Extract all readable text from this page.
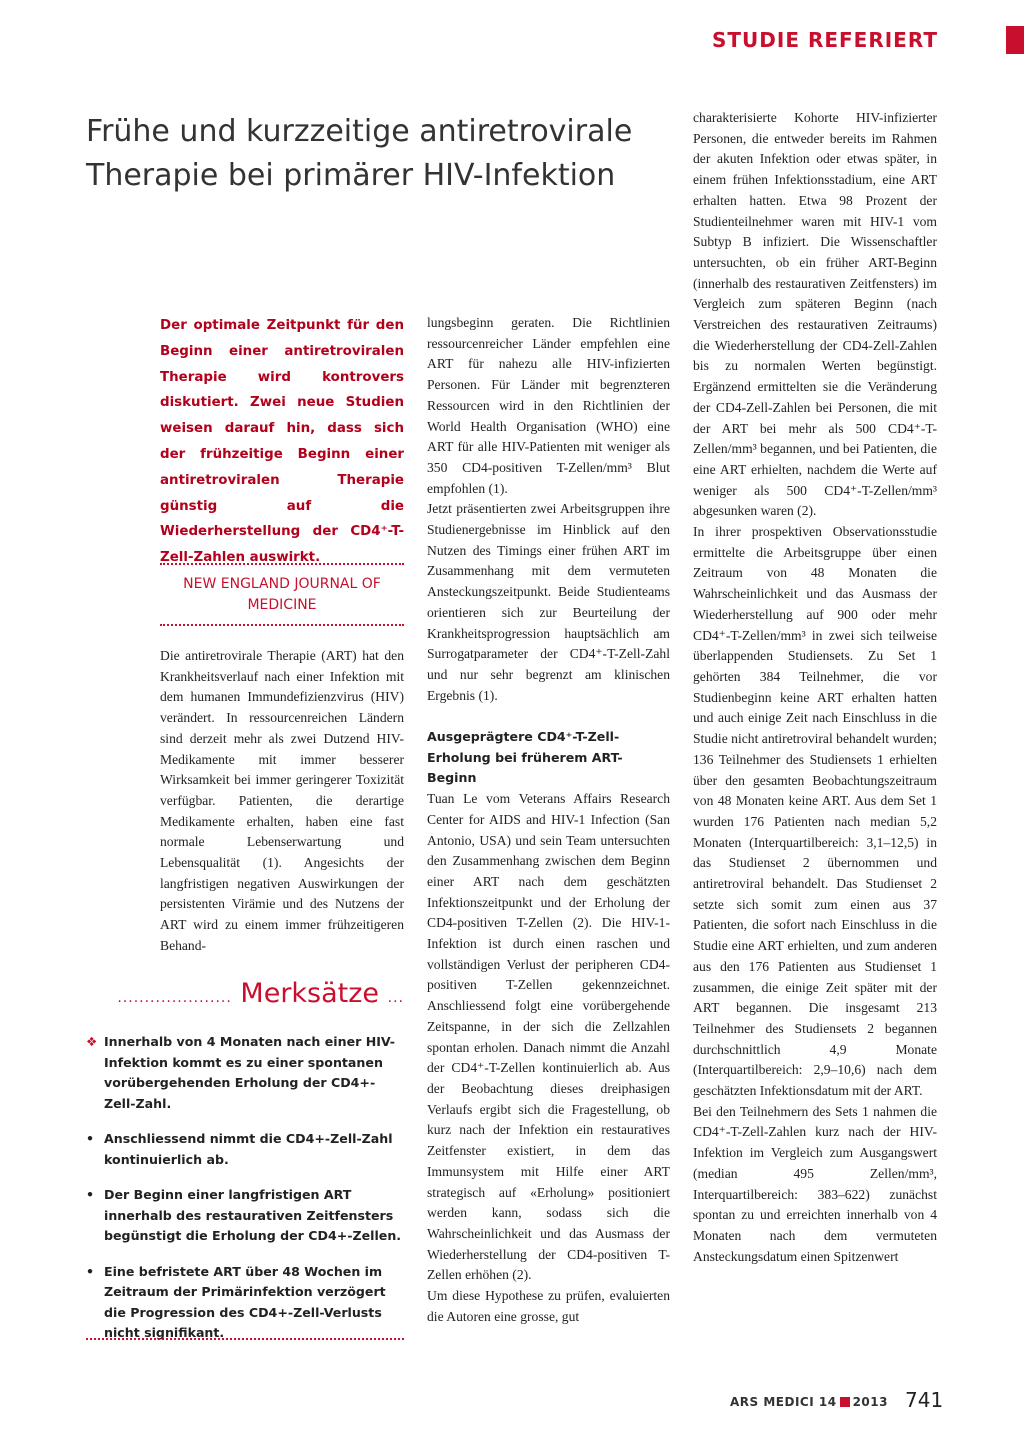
STUDIE REFERIERT
Frühe und kurzzeitige antiretrovirale Therapie bei primärer HIV-Infektion

Der optimale Zeitpunkt für den Beginn einer antiretroviralen Therapie wird kontrovers diskutiert. Zwei neue Studien weisen darauf hin, dass sich der frühzeitige Beginn einer antiretroviralen Therapie günstig auf die Wiederherstellung der CD4⁺-T-Zell-Zahlen auswirkt.

NEW ENGLAND JOURNAL OF MEDICINE

Die antiretrovirale Therapie (ART) hat den Krankheitsverlauf nach einer Infektion mit dem humanen Immundefizienzvirus (HIV) verändert. In ressourcenreichen Ländern sind derzeit mehr als zwei Dutzend HIV-Medikamente mit immer besserer Wirksamkeit bei immer geringerer Toxizität verfügbar. Patienten, die derartige Medikamente erhalten, haben eine fast normale Lebenserwartung und Lebensqualität (1). Angesichts der langfristigen negativen Auswirkungen der persistenten Virämie und des Nutzens der ART wird zu einem immer frühzeitigeren Behand-

lungsbeginn geraten. Die Richtlinien ressourcenreicher Länder empfehlen eine ART für nahezu alle HIV-infizierten Personen. Für Länder mit begrenzteren Ressourcen wird in den Richtlinien der World Health Organisation (WHO) eine ART für alle HIV-Patienten mit weniger als 350 CD4-positiven T-Zellen/mm³ Blut empfohlen (1).

Jetzt präsentierten zwei Arbeitsgruppen ihre Studienergebnisse im Hinblick auf den Nutzen des Timings einer frühen ART im Zusammenhang mit dem vermuteten Ansteckungszeitpunkt. Beide Studienteams orientieren sich zur Beurteilung der Krankheitsprogression hauptsächlich am Surrogatparameter der CD4⁺-T-Zell-Zahl und nur sehr begrenzt am klinischen Ergebnis (1).

Ausgeprägtere CD4⁺-T-Zell-Erholung bei früherem ART-Beginn

Tuan Le vom Veterans Affairs Research Center for AIDS and HIV-1 Infection (San Antonio, USA) und sein Team untersuchten den Zusammenhang zwischen dem Beginn einer ART nach dem geschätzten Infektionszeitpunkt und der Erholung der CD4-positiven T-Zellen (2). Die HIV-1-Infektion ist durch einen raschen und vollständigen Verlust der peripheren CD4-positiven T-Zellen gekennzeichnet. Anschliessend folgt eine vorübergehende Zeitspanne, in der sich die Zellzahlen spontan erholen. Danach nimmt die Anzahl der CD4⁺-T-Zellen kontinuierlich ab. Aus der Beobachtung dieses dreiphasigen Verlaufs ergibt sich die Fragestellung, ob kurz nach der Infektion ein restauratives Zeitfenster existiert, in dem das Immunsystem mit Hilfe einer ART strategisch auf «Erholung» positioniert werden kann, sodass sich die Wahrscheinlichkeit und das Ausmass der Wiederherstellung der CD4-positiven T-Zellen erhöhen (2).

Um diese Hypothese zu prüfen, evaluierten die Autoren eine grosse, gut

charakterisierte Kohorte HIV-infizierter Personen, die entweder bereits im Rahmen der akuten Infektion oder etwas später, in einem frühen Infektionsstadium, eine ART erhalten hatten. Etwa 98 Prozent der Studienteilnehmer waren mit HIV-1 vom Subtyp B infiziert. Die Wissenschaftler untersuchten, ob ein früher ART-Beginn (innerhalb des restaurativen Zeitfensters) im Vergleich zum späteren Beginn (nach Verstreichen des restaurativen Zeitraums) die Wiederherstellung der CD4-Zell-Zahlen bis zu normalen Werten begünstigt. Ergänzend ermittelten sie die Veränderung der CD4-Zell-Zahlen bei Personen, die mit der ART bei mehr als 500 CD4⁺-T-Zellen/mm³ begannen, und bei Patienten, die eine ART erhielten, nachdem die Werte auf weniger als 500 CD4⁺-T-Zellen/mm³ abgesunken waren (2).

In ihrer prospektiven Observationsstudie ermittelte die Arbeitsgruppe über einen Zeitraum von 48 Monaten die Wahrscheinlichkeit und das Ausmass der Wiederherstellung auf 900 oder mehr CD4⁺-T-Zellen/mm³ in zwei sich teilweise überlappenden Studiensets. Zu Set 1 gehörten 384 Teilnehmer, die vor Studienbeginn keine ART erhalten hatten und auch einige Zeit nach Einschluss in die Studie nicht antiretroviral behandelt wurden; 136 Teilnehmer des Studiensets 1 erhielten über den gesamten Beobachtungszeitraum von 48 Monaten keine ART. Aus dem Set 1 wurden 176 Patienten nach median 5,2 Monaten (Interquartilbereich: 3,1–12,5) in das Studienset 2 übernommen und antiretroviral behandelt. Das Studienset 2 setzte sich somit zum einen aus 37 Patienten, die sofort nach Einschluss in die Studie eine ART erhielten, und zum anderen aus den 176 Patienten aus Studienset 1 zusammen, die einige Zeit später mit der ART begannen. Die insgesamt 213 Teilnehmer des Studiensets 2 begannen durchschnittlich 4,9 Monate (Interquartilbereich: 2,9–10,6) nach dem geschätzten Infektionsdatum mit der ART.

Bei den Teilnehmern des Sets 1 nahmen die CD4⁺-T-Zell-Zahlen kurz nach der HIV-Infektion im Vergleich zum Ausgangswert (median 495 Zellen/mm³, Interquartilbereich: 383–622) zunächst spontan zu und erreichten innerhalb von 4 Monaten nach dem vermuteten Ansteckungsdatum einen Spitzenwert

..................... Merksätze ...
❖ Innerhalb von 4 Monaten nach einer HIV-Infektion kommt es zu einer spontanen vorübergehenden Erholung der CD4+-Zell-Zahl.
• Anschliessend nimmt die CD4+-Zell-Zahl kontinuierlich ab.
• Der Beginn einer langfristigen ART innerhalb des restaurativen Zeitfensters begünstigt die Erholung der CD4+-Zellen.
• Eine befristete ART über 48 Wochen im Zeitraum der Primärinfektion verzögert die Progression des CD4+-Zell-Verlusts nicht signifikant.
ARS MEDICI 14 2013 741
